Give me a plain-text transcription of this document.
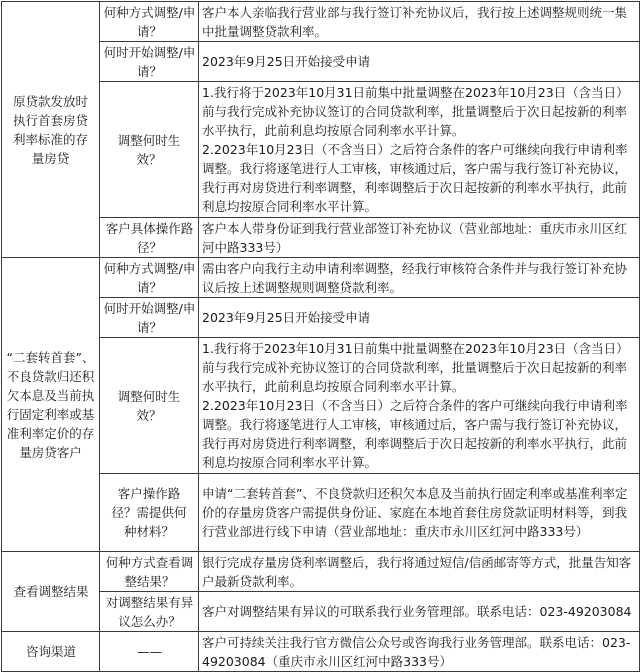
原贷款发放时执行首套房贷利率标准的存量房贷	何种方式调整/申请？	客户本人亲临我行营业部与我行签订补充协议后，我行按上述调整规则统一集中批量调整贷款利率。

	何时开始调整/申请？	2023年9月25日开始接受申请

	调整何时生效？	1.我行将于2023年10月31日前集中批量调整在2023年10月23日（含当日）前与我行完成补充协议签订的合同贷款利率，批量调整后于次日起按新的利率水平执行，此前利息均按原合同利率水平计算。
2.2023年10月23日（不含当日）之后符合条件的客户可继续向我行申请利率调整。我行将逐笔进行人工审核，审核通过后，客户需与我行签订补充协议，我行再对房贷进行利率调整，利率调整后于次日起按新的利率水平执行，此前利息均按原合同利率水平计算。

	客户具体操作路径？	客户本人带身份证到我行营业部签订补充协议（营业部地址：重庆市永川区红河中路333号）

“二套转首套”、不良贷款归还积欠本息及当前执行固定利率或基准利率定价的存量房贷客户	何种方式调整/申请？	需由客户向我行主动申请利率调整，经我行审核符合条件并与我行签订补充协议后按上述调整规则调整贷款利率。

	何时开始调整/申请？	2023年9月25日开始接受申请

	调整何时生效？	1.我行将于2023年10月31日前集中批量调整在2023年10月23日（含当日）前与我行完成补充协议签订的合同贷款利率，批量调整后于次日起按新的利率水平执行，此前利息均按原合同利率水平计算。
2.2023年10月23日（不含当日）之后符合条件的客户可继续向我行申请利率调整。我行将逐笔进行人工审核，审核通过后，客户需与我行签订补充协议，我行再对房贷进行利率调整，利率调整后于次日起按新的利率水平执行，此前利息均按原合同利率水平计算。

	客户操作路径？需提供何种材料？	申请“二套转首套”、不良贷款归还积欠本息及当前执行固定利率或基准利率定价的存量房贷客户需提供身份证、家庭在本地首套住房贷款证明材料等，到我行营业部进行线下申请（营业部地址：重庆市永川区红河中路333号）

查看调整结果	何种方式查看调整结果？	银行完成存量房贷利率调整后，我行将通过短信/信函邮寄等方式，批量告知客户最新贷款利率。

	对调整结果有异议怎么办？	客户对调整结果有异议的可联系我行业务管理部。联系电话：023-49203084

咨询渠道	——	客户可持续关注我行官方微信公众号或咨询我行业务管理部。联系电话：023-49203084（重庆市永川区红河中路333号）
